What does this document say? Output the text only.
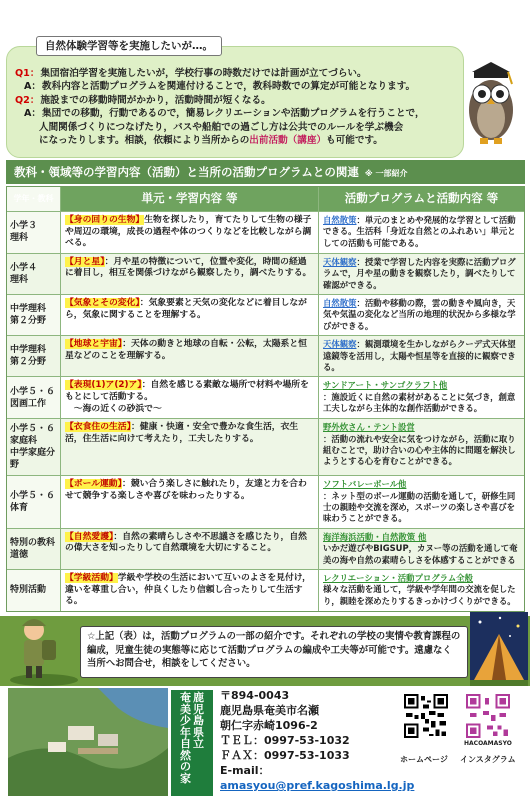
自然体験学習等を実施したいが…。
Q1： 集団宿泊学習を実施したいが，学校行事の時数だけでは計画が立てづらい。
A： 教科内容と活動プログラムを関連付けることで，教科時数での算定が可能となります。
Q2： 施設までの移動時間がかかり，活動時間が短くなる。
A： 集団での移動，行動であるので，簡易レクリエーションや活動プログラムを行うことで，
人間関係づくりにつなげたり，バスや船舶での過ごし方は公共でのルールを学ぶ機会
になったりします。相談，依頼により当所からの出前活動（講座）も可能です。
教科・領域等の学習内容（活動）と当所の活動プログラムとの関連 ※ 一部紹介
学年・教科	単元・学習内容 等	活動プログラムと活動内容 等
小学３
理科
【身の回りの生物】生物を探したり，育てたりして生物の様子や周辺の環境，成長の過程や体のつくりなどを比較しながら調べる。
自然散策：単元のまとめや発展的な学習として活動できる。生活科「身近な自然とのふれあい」単元としての活動も可能である。
小学４
理科
【月と星】：月や星の特徴について，位置や変化，時間の経過に着目し，相互を関係づけながら観察したり，調べたりする。
天体観察：授業で学習した内容を実際に活動プログラムで，月や星の動きを観察したり，調べたりして確認ができる。
中学理科
第２分野
【気象とその変化】：気象要素と天気の変化などに着目しながら，気象に関することを理解する。
自然散策：活動や移動の際，雲の動きや風向き，天気や気温の変化など当所の地理的状況から多様な学びができる。
中学理科
第２分野
【地球と宇宙】：天体の動きと地球の自転・公転，太陽系と恒星などのことを理解する。
天体観察：観測環境を生かしながらクーデ式天体望遠鏡等を活用し，太陽や恒星等を直接的に観察できる。
小学５・６
図画工作
【表現(1)ア(2)ア】：自然を感じる素敵な場所で材料や場所をもとにして活動する。
　～海の近くの砂浜で～
サンドアート・サンゴクラフト他
：施設近くに自然の素材があることに気づき，創意工夫しながら主体的な創作活動ができる。
小学５・６
家庭科
中学家庭分野
【衣食住の生活】：健康・快適・安全で豊かな食生活，衣生活，住生活に向けて考えたり，工夫したりする。
野外炊さん・テント設営
：活動の流れや安全に気をつけながら，活動に取り組むことで，助け合いの心や主体的に問題を解決しようとする心を育むことができる。
小学５・６
体育
【ボール運動】：競い合う楽しさに触れたり，友達と力を合わせて競争する楽しさや喜びを味わったりする。
ソフトバレーボール他
：ネット型のボール運動の活動を通して，研修生同士の親睦や交流を深め，スポーツの楽しさや喜びを味わうことができる。
特別の教科
道徳
【自然愛護】：自然の素晴らしさや不思議さを感じたり，自然の偉大さを知ったりして自然環境を大切にすること。
海洋海浜活動・自然散策 他
いかだ遊びやBIGSUP，カヌー等の活動を通して奄美の海や自然の素晴らしさを体感することができる
特別活動
【学級活動】学級や学校の生活において互いのよさを見付け，違いを尊重し合い，仲良くしたり信頼し合ったりして生活する。
レクリエーション・活動プログラム全般
様々な活動を通して，学級や学年間の交流を促したり，親睦を深めたりするきっかけづくりができる。
☆上記（表）は，活動プログラムの一部の紹介です。それぞれの学校の実情や教育課程の編成，児童生徒の実態等に応じて活動プログラムの編成や工夫等が可能です。遠慮なく当所へお問合せ，相談をしてください。
奄
美
少
年
自
然
の
家
鹿
児
島
県
立
〒894-0043
鹿児島県奄美市名瀬
朝仁字赤崎1096-2
ＴＥＬ：0997-53-1032
ＦＡＸ：0997-53-1033
E-mail：amasyou@pref.kagoshima.lg.jp
HACOAMASYO
ホームページ インスタグラム
